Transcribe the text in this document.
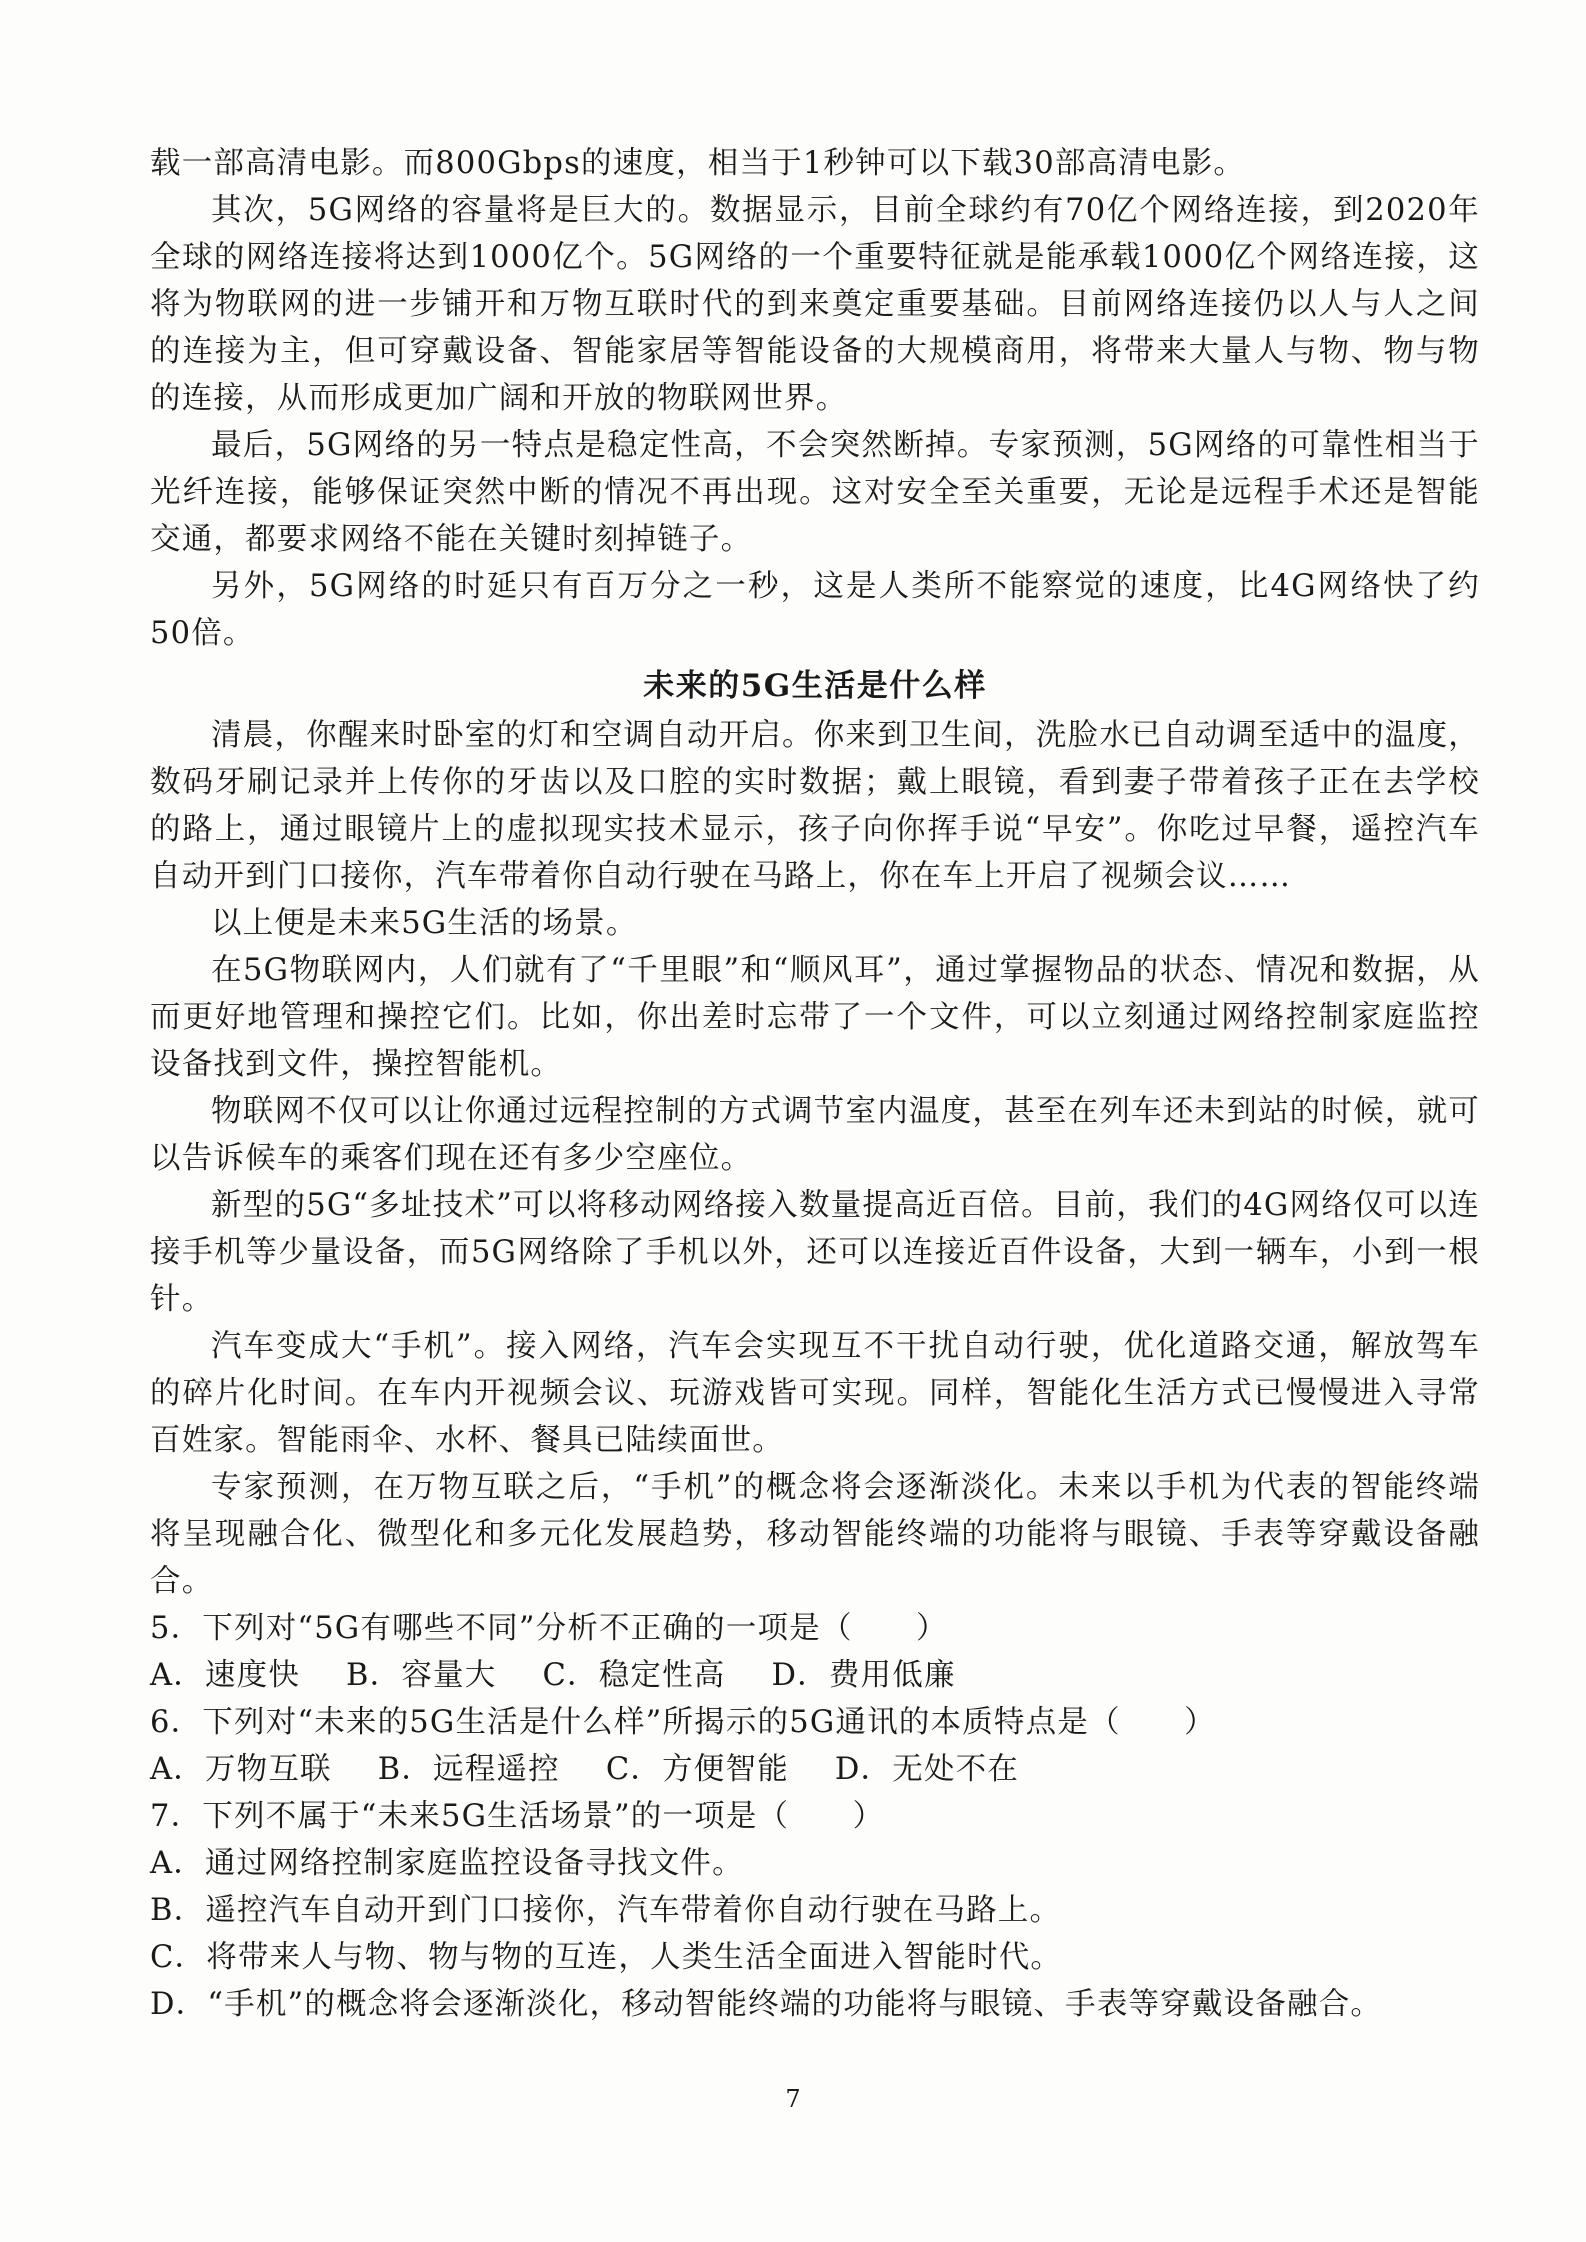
载一部高清电影。而800Gbps的速度，相当于1秒钟可以下载30部高清电影。

其次，5G网络的容量将是巨大的。数据显示，目前全球约有70亿个网络连接，到2020年全球的网络连接将达到1000亿个。5G网络的一个重要特征就是能承载1000亿个网络连接，这将为物联网的进一步铺开和万物互联时代的到来奠定重要基础。目前网络连接仍以人与人之间的连接为主，但可穿戴设备、智能家居等智能设备的大规模商用，将带来大量人与物、物与物的连接，从而形成更加广阔和开放的物联网世界。

最后，5G网络的另一特点是稳定性高，不会突然断掉。专家预测，5G网络的可靠性相当于光纤连接，能够保证突然中断的情况不再出现。这对安全至关重要，无论是远程手术还是智能交通，都要求网络不能在关键时刻掉链子。

另外，5G网络的时延只有百万分之一秒，这是人类所不能察觉的速度，比4G网络快了约50倍。

未来的5G生活是什么样

清晨，你醒来时卧室的灯和空调自动开启。你来到卫生间，洗脸水已自动调至适中的温度，数码牙刷记录并上传你的牙齿以及口腔的实时数据；戴上眼镜，看到妻子带着孩子正在去学校的路上，通过眼镜片上的虚拟现实技术显示，孩子向你挥手说“早安”。你吃过早餐，遥控汽车自动开到门口接你，汽车带着你自动行驶在马路上，你在车上开启了视频会议……

以上便是未来5G生活的场景。

在5G物联网内，人们就有了“千里眼”和“顺风耳”，通过掌握物品的状态、情况和数据，从而更好地管理和操控它们。比如，你出差时忘带了一个文件，可以立刻通过网络控制家庭监控设备找到文件，操控智能机。

物联网不仅可以让你通过远程控制的方式调节室内温度，甚至在列车还未到站的时候，就可以告诉候车的乘客们现在还有多少空座位。

新型的5G“多址技术”可以将移动网络接入数量提高近百倍。目前，我们的4G网络仅可以连接手机等少量设备，而5G网络除了手机以外，还可以连接近百件设备，大到一辆车，小到一根针。

汽车变成大“手机”。接入网络，汽车会实现互不干扰自动行驶，优化道路交通，解放驾车的碎片化时间。在车内开视频会议、玩游戏皆可实现。同样，智能化生活方式已慢慢进入寻常百姓家。智能雨伞、水杯、餐具已陆续面世。

专家预测，在万物互联之后，“手机”的概念将会逐渐淡化。未来以手机为代表的智能终端将呈现融合化、微型化和多元化发展趋势，移动智能终端的功能将与眼镜、手表等穿戴设备融合。

5．下列对“5G有哪些不同”分析不正确的一项是（　　）

A．速度快 B．容量大 C．稳定性高 D．费用低廉

6．下列对“未来的5G生活是什么样”所揭示的5G通讯的本质特点是（　　）

A．万物互联 B．远程遥控 C．方便智能 D．无处不在

7．下列不属于“未来5G生活场景”的一项是（　　）

A．通过网络控制家庭监控设备寻找文件。

B．遥控汽车自动开到门口接你，汽车带着你自动行驶在马路上。

C．将带来人与物、物与物的互连，人类生活全面进入智能时代。

D．“手机”的概念将会逐渐淡化，移动智能终端的功能将与眼镜、手表等穿戴设备融合。

7
